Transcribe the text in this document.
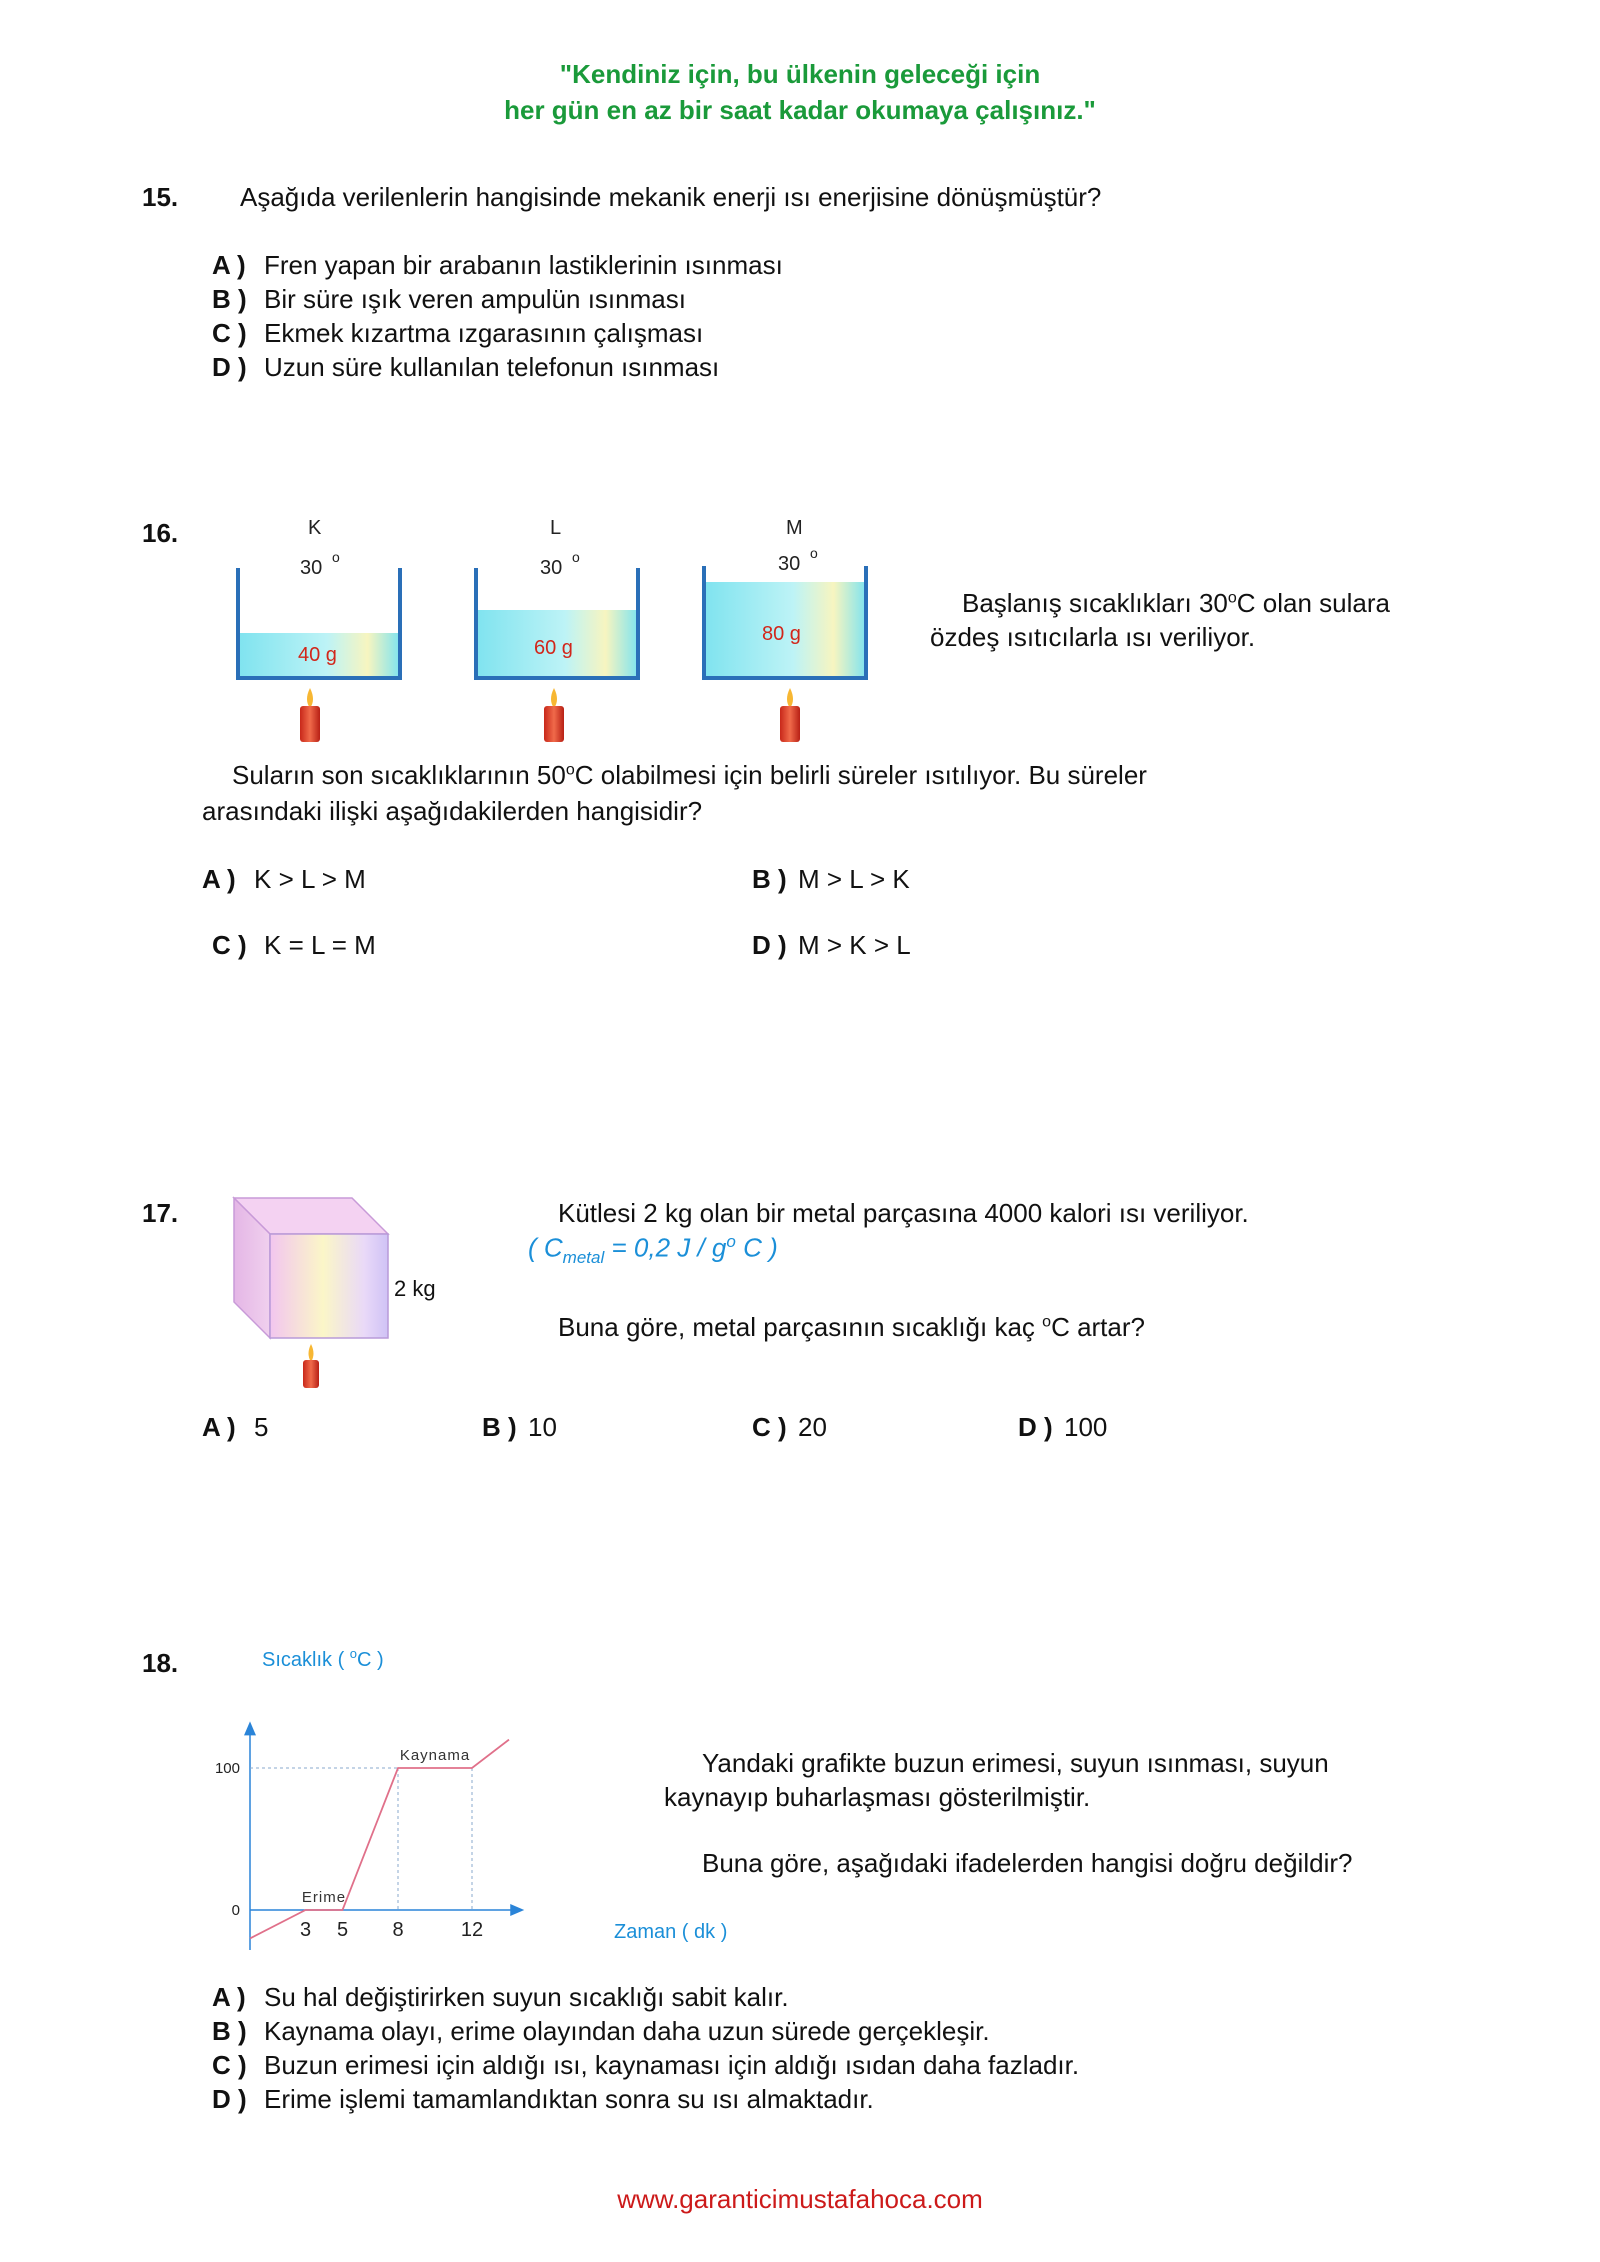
"Kendiniz için, bu ülkenin geleceği için
her gün en az bir saat kadar okumaya çalışınız."
15. Aşağıda verilenlerin hangisinde mekanik enerji ısı enerjisine dönüşmüştür?
A ) Fren yapan bir arabanın lastiklerinin ısınması
B ) Bir süre ışık veren ampulün ısınması
C ) Ekmek kızartma ızgarasının çalışması
D ) Uzun süre kullanılan telefonun ısınması
16.	K
30 o
40 g
L
30 o
60 g
M
30 o
80 g
Başlanış sıcaklıkları 30$^o$C olan sulara
özdeş ısıtıcılarla ısı veriliyor.
Suların son sıcaklıklarının 50$^o$C olabilmesi için belirli süreler ısıtılıyor. Bu süreler
arasındaki ilişki aşağıdakilerden hangisidir?
A ) K > L > M	B ) M > L > K
C ) K = L = M	D ) M > K > L
17.
2 kg
Kütlesi 2 kg olan bir metal parçasına 4000 kalori ısı veriliyor.
( $C_{metal} = 0,2$ J / $g^o$ C )
Buna göre, metal parçasının sıcaklığı kaç $^o$C artar?
A ) 5	B ) 10	C ) 20	D ) 100
18.	Sıcaklık ( $^o$C )
Zaman ( dk )
3 5 8	12
0
100
Erime
Kaynama	Yandaki grafikte buzun erimesi, suyun ısınması, suyun
kaynayıp buharlaşması gösterilmiştir.
Buna göre, aşağıdaki ifadelerden hangisi doğru değildir?
A ) Su hal değiştirirken suyun sıcaklığı sabit kalır.
B ) Kaynama olayı, erime olayından daha uzun sürede gerçekleşir.
C ) Buzun erimesi için aldığı ısı, kaynaması için aldığı ısıdan daha fazladır.
D ) Erime işlemi tamamlandıktan sonra su ısı almaktadır.
www.garanticimustafahoca.com
